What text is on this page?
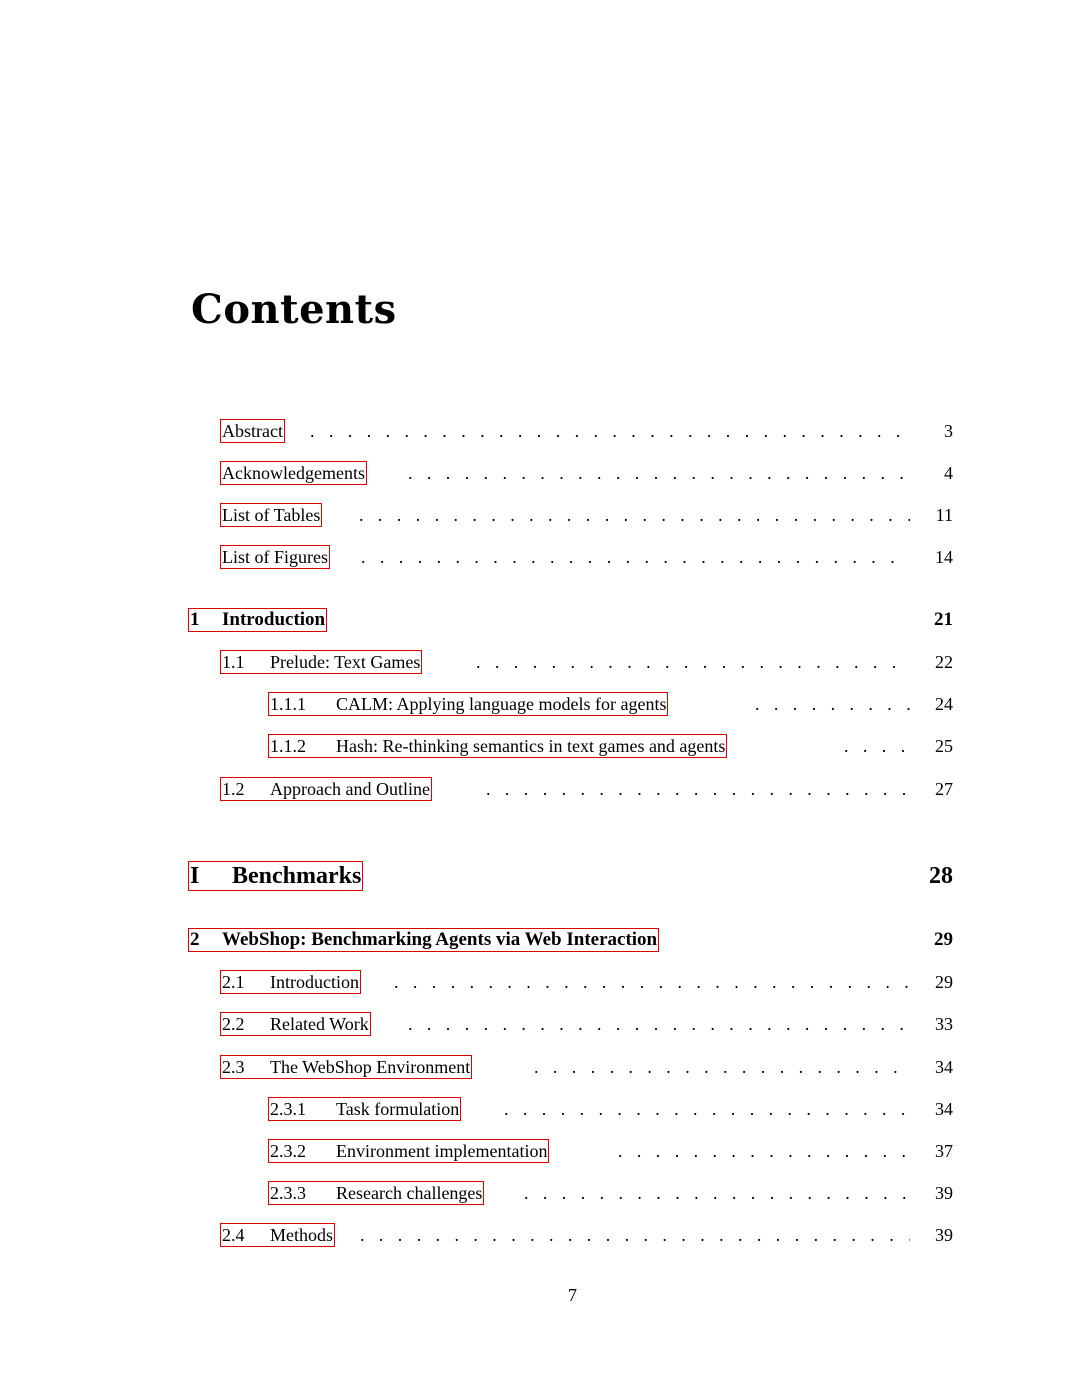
Contents
Abstract . . .	3
Acknowledgements . . .	4
List of Tables . . .	11
List of Figures . . .	14
1 Introduction	21
1.1 Prelude: Text Games . . .	22
1.1.1 CALM: Applying language models for agents . . .	24
1.1.2 Hash: Re-thinking semantics in text games and agents . . .	25
1.2 Approach and Outline . . .	27
I Benchmarks	28
2 WebShop: Benchmarking Agents via Web Interaction	29
2.1 Introduction . . .	29
2.2 Related Work . . .	33
2.3 The WebShop Environment . . .	34
2.3.1 Task formulation . . .	34
2.3.2 Environment implementation . . .	37
2.3.3 Research challenges . . .	39
2.4 Methods . . .	39
7
